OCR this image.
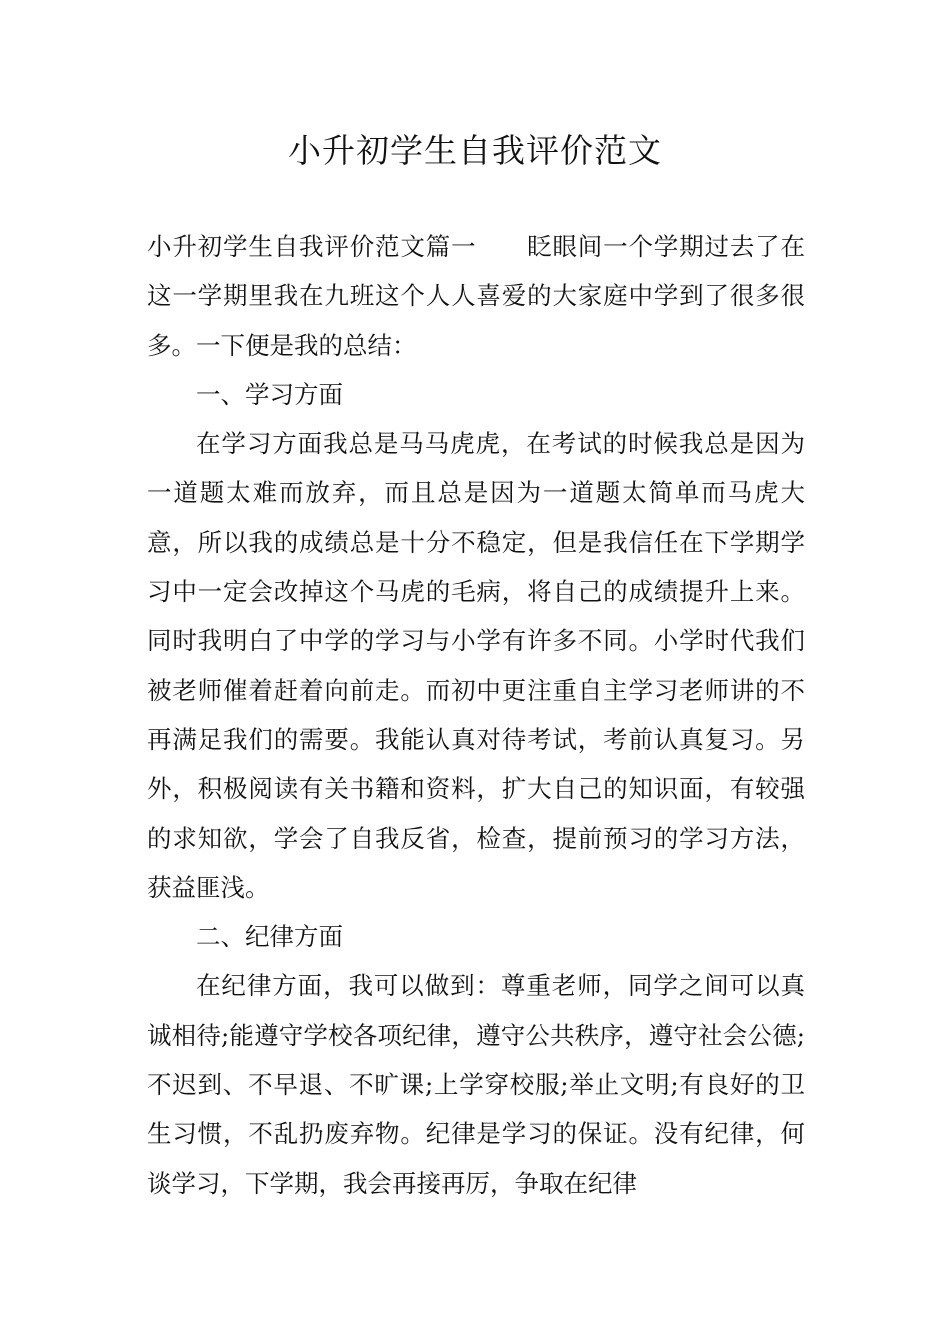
小升初学生自我评价范文

小升初学生自我评价范文篇一　　眨眼间一个学期过去了在这一学期里我在九班这个人人喜爱的大家庭中学到了很多很多。一下便是我的总结：

一、学习方面

在学习方面我总是马马虎虎，在考试的时候我总是因为一道题太难而放弃，而且总是因为一道题太简单而马虎大意，所以我的成绩总是十分不稳定，但是我信任在下学期学习中一定会改掉这个马虎的毛病，将自己的成绩提升上来。同时我明白了中学的学习与小学有许多不同。小学时代我们被老师催着赶着向前走。而初中更注重自主学习老师讲的不再满足我们的需要。我能认真对待考试，考前认真复习。另外，积极阅读有关书籍和资料，扩大自己的知识面，有较强的求知欲，学会了自我反省，检查，提前预习的学习方法，获益匪浅。

二、纪律方面

在纪律方面，我可以做到：尊重老师，同学之间可以真诚相待;能遵守学校各项纪律，遵守公共秩序，遵守社会公德;不迟到、不早退、不旷课;上学穿校服;举止文明;有良好的卫生习惯，不乱扔废弃物。纪律是学习的保证。没有纪律，何谈学习，下学期，我会再接再厉，争取在纪律
